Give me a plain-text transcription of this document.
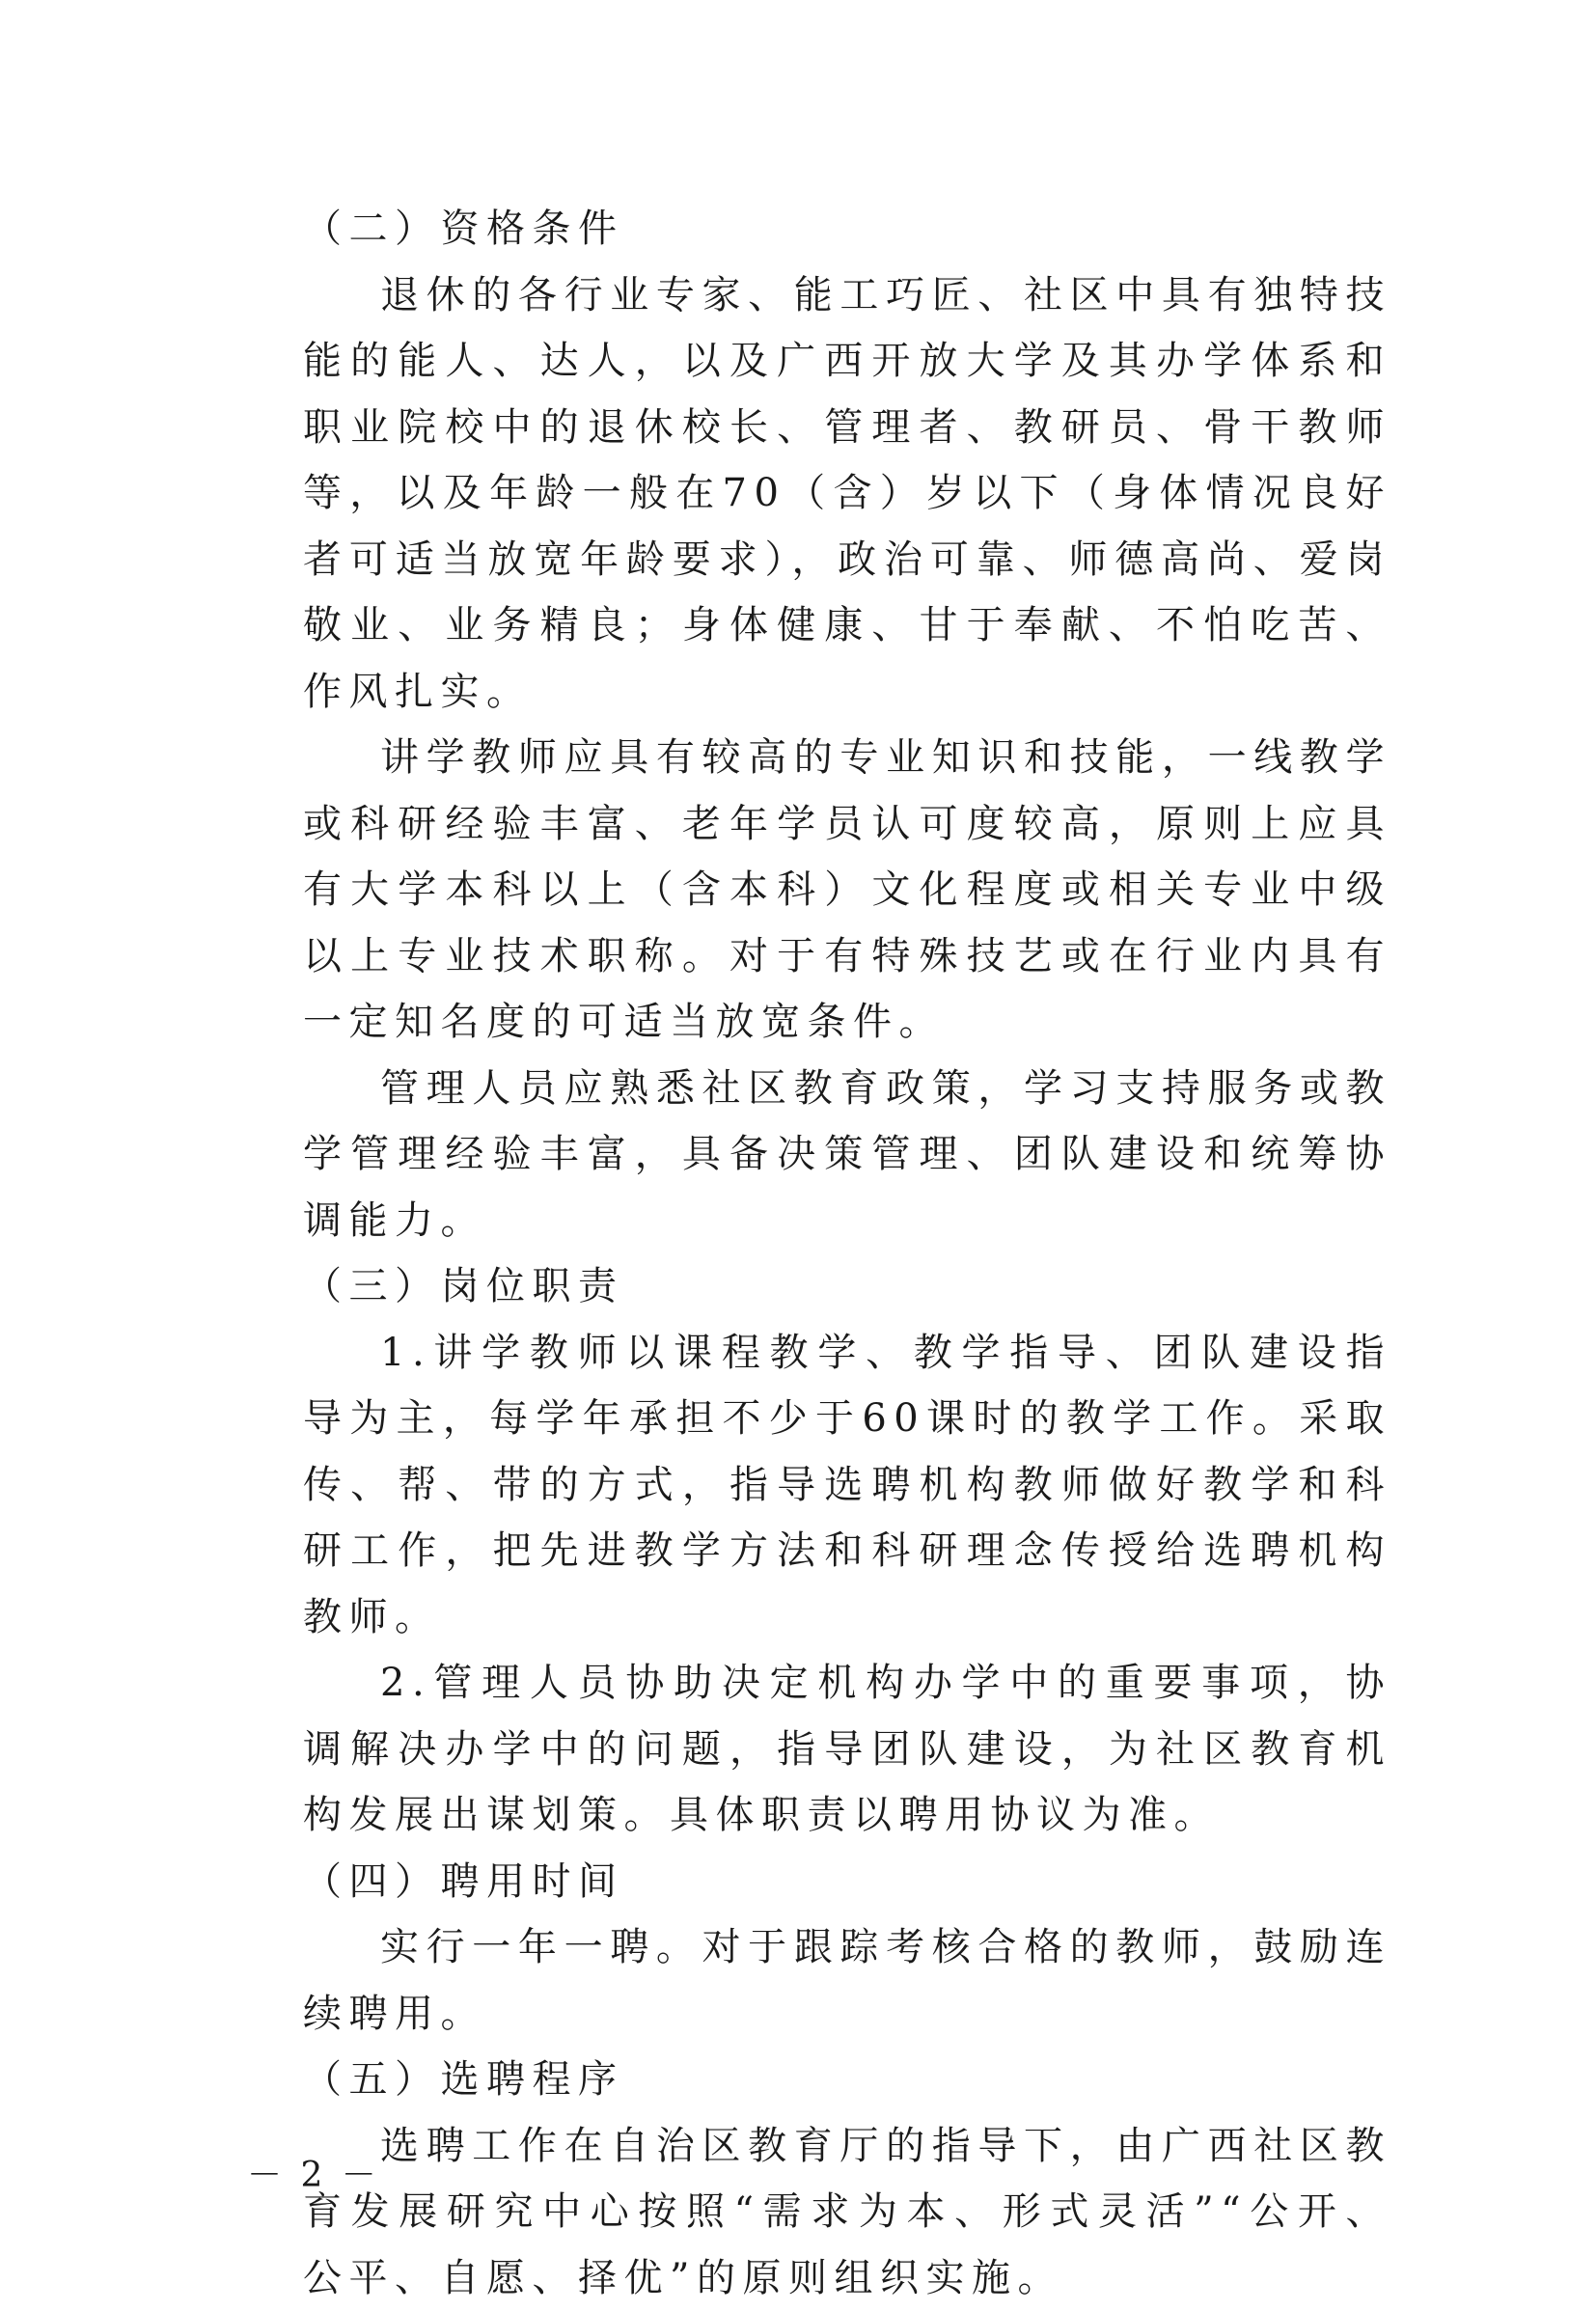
（二）资格条件

退休的各行业专家、能工巧匠、社区中具有独特技能的能人、达人，以及广西开放大学及其办学体系和职业院校中的退休校长、管理者、教研员、骨干教师等，以及年龄一般在70（含）岁以下（身体情况良好者可适当放宽年龄要求），政治可靠、师德高尚、爱岗敬业、业务精良；身体健康、甘于奉献、不怕吃苦、作风扎实。

讲学教师应具有较高的专业知识和技能，一线教学或科研经验丰富、老年学员认可度较高，原则上应具有大学本科以上（含本科）文化程度或相关专业中级以上专业技术职称。对于有特殊技艺或在行业内具有一定知名度的可适当放宽条件。

管理人员应熟悉社区教育政策，学习支持服务或教学管理经验丰富，具备决策管理、团队建设和统筹协调能力。

（三）岗位职责

1.讲学教师以课程教学、教学指导、团队建设指导为主，每学年承担不少于60课时的教学工作。采取传、帮、带的方式，指导选聘机构教师做好教学和科研工作，把先进教学方法和科研理念传授给选聘机构教师。

2.管理人员协助决定机构办学中的重要事项，协调解决办学中的问题，指导团队建设，为社区教育机构发展出谋划策。具体职责以聘用协议为准。

（四）聘用时间

实行一年一聘。对于跟踪考核合格的教师，鼓励连续聘用。

（五）选聘程序

选聘工作在自治区教育厅的指导下，由广西社区教育发展研究中心按照“需求为本、形式灵活”“公开、公平、自愿、择优”的原则组织实施。

－ 2 －
